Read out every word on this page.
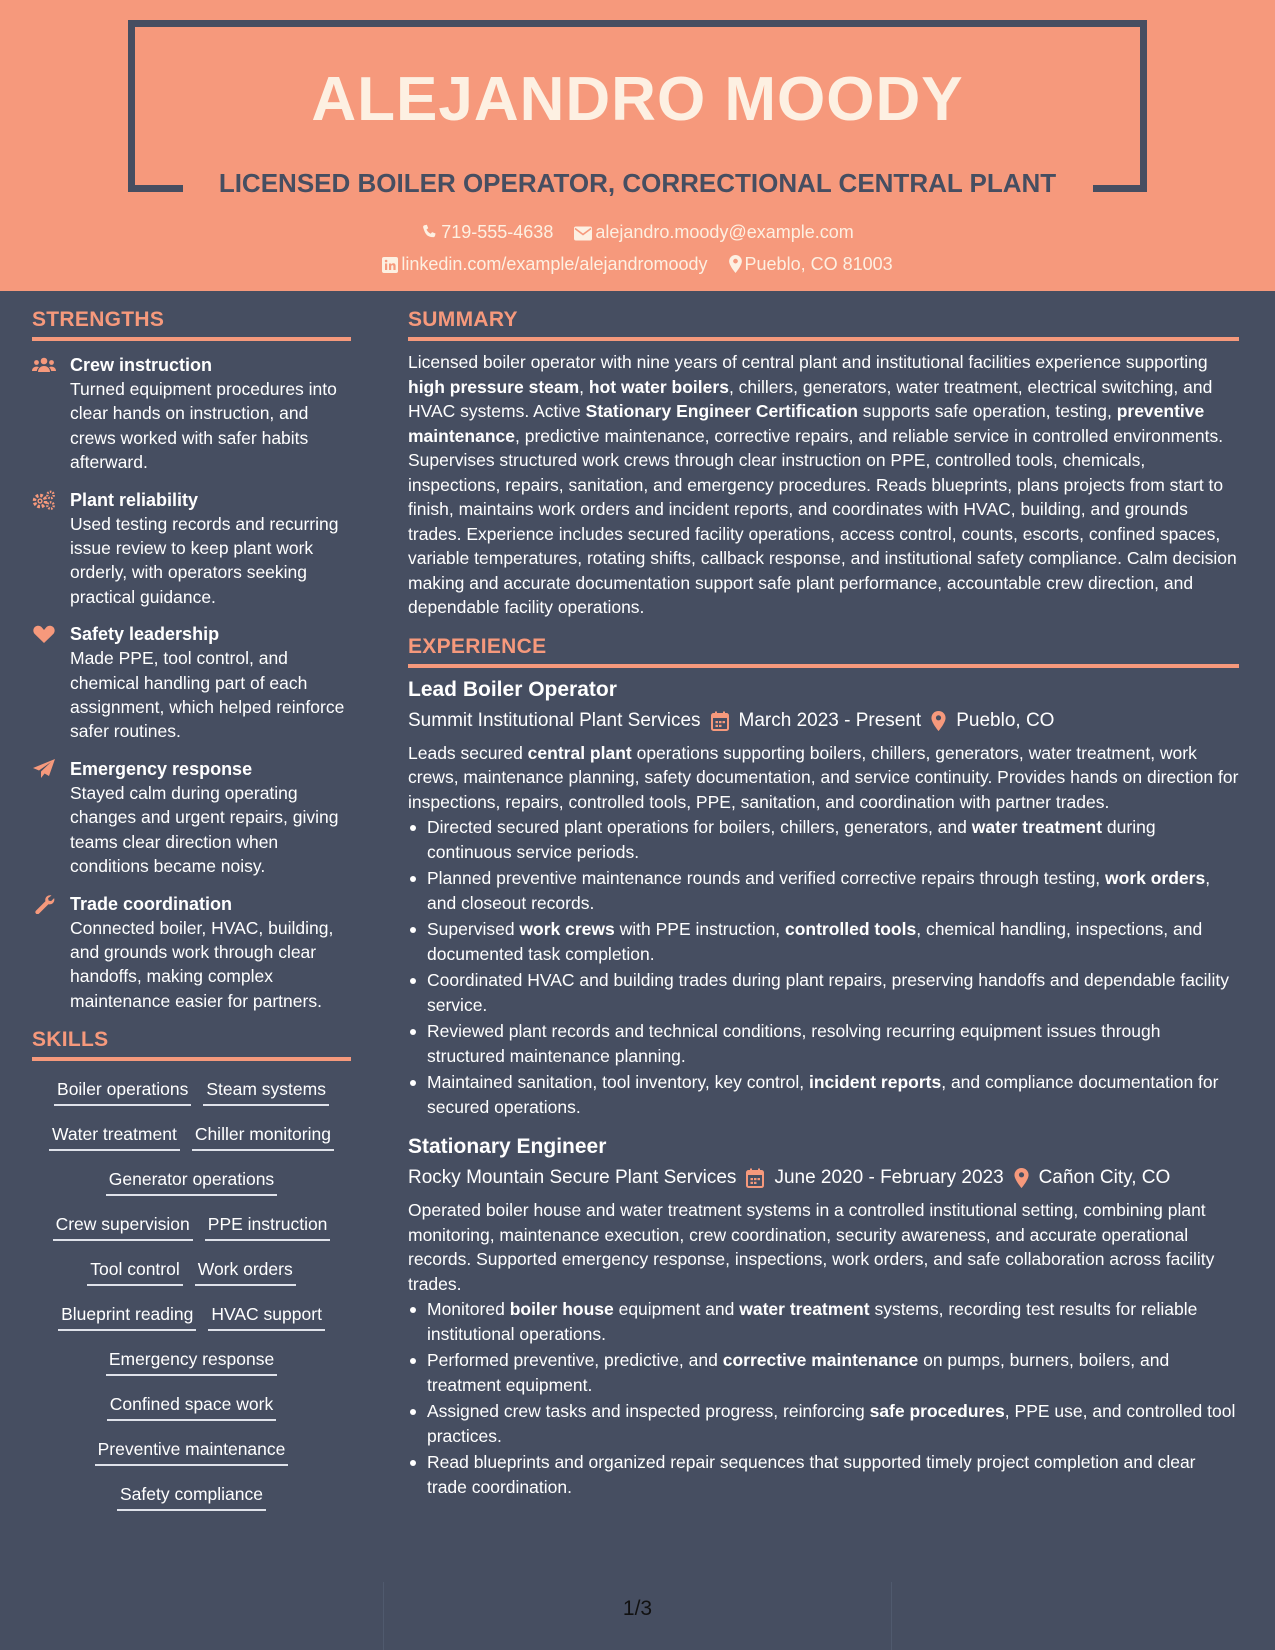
ALEJANDRO MOODY
LICENSED BOILER OPERATOR, CORRECTIONAL CENTRAL PLANT
719-555-4638 alejandro.moody@example.com
linkedin.com/example/alejandromoody Pueblo, CO 81003
STRENGTHS
Crew instruction
Turned equipment procedures into clear hands on instruction, and crews worked with safer habits afterward.
Plant reliability
Used testing records and recurring issue review to keep plant work orderly, with operators seeking practical guidance.
Safety leadership
Made PPE, tool control, and chemical handling part of each assignment, which helped reinforce safer routines.
Emergency response
Stayed calm during operating changes and urgent repairs, giving teams clear direction when conditions became noisy.
Trade coordination
Connected boiler, HVAC, building, and grounds work through clear handoffs, making complex maintenance easier for partners.
SKILLS
Boiler operations Steam systems
Water treatment Chiller monitoring
Generator operations
Crew supervision PPE instruction
Tool control Work orders
Blueprint reading HVAC support
Emergency response
Confined space work
Preventive maintenance
Safety compliance
SUMMARY
Licensed boiler operator with nine years of central plant and institutional facilities experience supporting high pressure steam, hot water boilers, chillers, generators, water treatment, electrical switching, and HVAC systems. Active Stationary Engineer Certification supports safe operation, testing, preventive maintenance, predictive maintenance, corrective repairs, and reliable service in controlled environments. Supervises structured work crews through clear instruction on PPE, controlled tools, chemicals, inspections, repairs, sanitation, and emergency procedures. Reads blueprints, plans projects from start to finish, maintains work orders and incident reports, and coordinates with HVAC, building, and grounds trades. Experience includes secured facility operations, access control, counts, escorts, confined spaces, variable temperatures, rotating shifts, callback response, and institutional safety compliance. Calm decision making and accurate documentation support safe plant performance, accountable crew direction, and dependable facility operations.
EXPERIENCE
Lead Boiler Operator
Summit Institutional Plant Services March 2023 - Present Pueblo, CO
Leads secured central plant operations supporting boilers, chillers, generators, water treatment, work crews, maintenance planning, safety documentation, and service continuity. Provides hands on direction for inspections, repairs, controlled tools, PPE, sanitation, and coordination with partner trades.
Directed secured plant operations for boilers, chillers, generators, and water treatment during continuous service periods.
Planned preventive maintenance rounds and verified corrective repairs through testing, work orders, and closeout records.
Supervised work crews with PPE instruction, controlled tools, chemical handling, inspections, and documented task completion.
Coordinated HVAC and building trades during plant repairs, preserving handoffs and dependable facility service.
Reviewed plant records and technical conditions, resolving recurring equipment issues through structured maintenance planning.
Maintained sanitation, tool inventory, key control, incident reports, and compliance documentation for secured operations.
Stationary Engineer
Rocky Mountain Secure Plant Services June 2020 - February 2023 Cañon City, CO
Operated boiler house and water treatment systems in a controlled institutional setting, combining plant monitoring, maintenance execution, crew coordination, security awareness, and accurate operational records. Supported emergency response, inspections, work orders, and safe collaboration across facility trades.
Monitored boiler house equipment and water treatment systems, recording test results for reliable institutional operations.
Performed preventive, predictive, and corrective maintenance on pumps, burners, boilers, and treatment equipment.
Assigned crew tasks and inspected progress, reinforcing safe procedures, PPE use, and controlled tool practices.
Read blueprints and organized repair sequences that supported timely project completion and clear trade coordination.
1/3
